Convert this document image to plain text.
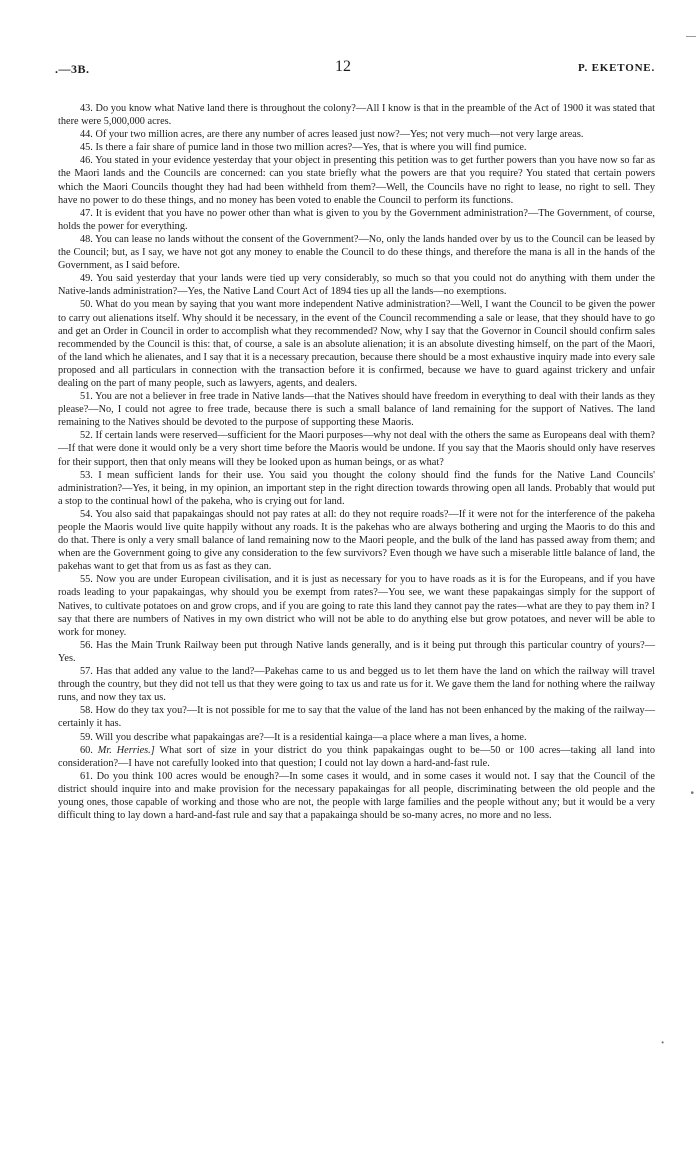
.—3B.	12	P. EKETONE.

43. Do you know what Native land there is throughout the colony?—All I know is that in the preamble of the Act of 1900 it was stated that there were 5,000,000 acres.

44. Of your two million acres, are there any number of acres leased just now?—Yes; not very much—not very large areas.

45. Is there a fair share of pumice land in those two million acres?—Yes, that is where you will find pumice.

46. You stated in your evidence yesterday that your object in presenting this petition was to get further powers than you have now so far as the Maori lands and the Councils are concerned: can you state briefly what the powers are that you require? You stated that certain powers which the Maori Councils thought they had had been withheld from them?—Well, the Councils have no right to lease, no right to sell. They have no power to do these things, and no money has been voted to enable the Council to perform its functions.

47. It is evident that you have no power other than what is given to you by the Government administration?—The Government, of course, holds the power for everything.

48. You can lease no lands without the consent of the Government?—No, only the lands handed over by us to the Council can be leased by the Council; but, as I say, we have not got any money to enable the Council to do these things, and therefore the mana is all in the hands of the Government, as I said before.

49. You said yesterday that your lands were tied up very considerably, so much so that you could not do anything with them under the Native-lands administration?—Yes, the Native Land Court Act of 1894 ties up all the lands—no exemptions.

50. What do you mean by saying that you want more independent Native administration?—Well, I want the Council to be given the power to carry out alienations itself. Why should it be necessary, in the event of the Council recommending a sale or lease, that they should have to go and get an Order in Council in order to accomplish what they recommended? Now, why I say that the Governor in Council should confirm sales recommended by the Council is this: that, of course, a sale is an absolute alienation; it is an absolute divesting himself, on the part of the Maori, of the land which he alienates, and I say that it is a necessary precaution, because there should be a most exhaustive inquiry made into every sale proposed and all particulars in connection with the transaction before it is confirmed, because we have to guard against trickery and unfair dealing on the part of many people, such as lawyers, agents, and dealers.

51. You are not a believer in free trade in Native lands—that the Natives should have freedom in everything to deal with their lands as they please?—No, I could not agree to free trade, because there is such a small balance of land remaining for the support of Natives. The land remaining to the Natives should be devoted to the purpose of supporting these Maoris.

52. If certain lands were reserved—sufficient for the Maori purposes—why not deal with the others the same as Europeans deal with them?—If that were done it would only be a very short time before the Maoris would be undone. If you say that the Maoris should only have reserves for their support, then that only means will they be looked upon as human beings, or as what?

53. I mean sufficient lands for their use. You said you thought the colony should find the funds for the Native Land Councils' administration?—Yes, it being, in my opinion, an important step in the right direction towards throwing open all lands. Probably that would put a stop to the continual howl of the pakeha, who is crying out for land.

54. You also said that papakaingas should not pay rates at all: do they not require roads?—If it were not for the interference of the pakeha people the Maoris would live quite happily without any roads. It is the pakehas who are always bothering and urging the Maoris to do this and do that. There is only a very small balance of land remaining now to the Maori people, and the bulk of the land has passed away from them; and when are the Government going to give any consideration to the few survivors? Even though we have such a miserable little balance of land, the pakehas want to get that from us as fast as they can.

55. Now you are under European civilisation, and it is just as necessary for you to have roads as it is for the Europeans, and if you have roads leading to your papakaingas, why should you be exempt from rates?—You see, we want these papakaingas simply for the support of Natives, to cultivate potatoes on and grow crops, and if you are going to rate this land they cannot pay the rates—what are they to pay them in? I say that there are numbers of Natives in my own district who will not be able to do anything else but grow potatoes, and never will be able to work for money.

56. Has the Main Trunk Railway been put through Native lands generally, and is it being put through this particular country of yours?—Yes.

57. Has that added any value to the land?—Pakehas came to us and begged us to let them have the land on which the railway will travel through the country, but they did not tell us that they were going to tax us and rate us for it. We gave them the land for nothing where the railway runs, and now they tax us.

58. How do they tax you?—It is not possible for me to say that the value of the land has not been enhanced by the making of the railway—certainly it has.

59. Will you describe what papakaingas are?—It is a residential kainga—a place where a man lives, a home.

60. Mr. Herries.] What sort of size in your district do you think papakaingas ought to be—50 or 100 acres—taking all land into consideration?—I have not carefully looked into that question; I could not lay down a hard-and-fast rule.

61. Do you think 100 acres would be enough?—In some cases it would, and in some cases it would not. I say that the Council of the district should inquire into and make provision for the necessary papakaingas for all people, discriminating between the old people and the young ones, those capable of working and those who are not, the people with large families and the people without any; but it would be a very difficult thing to lay down a hard-and-fast rule and say that a papakainga should be so-many acres, no more and no less.

•
•
